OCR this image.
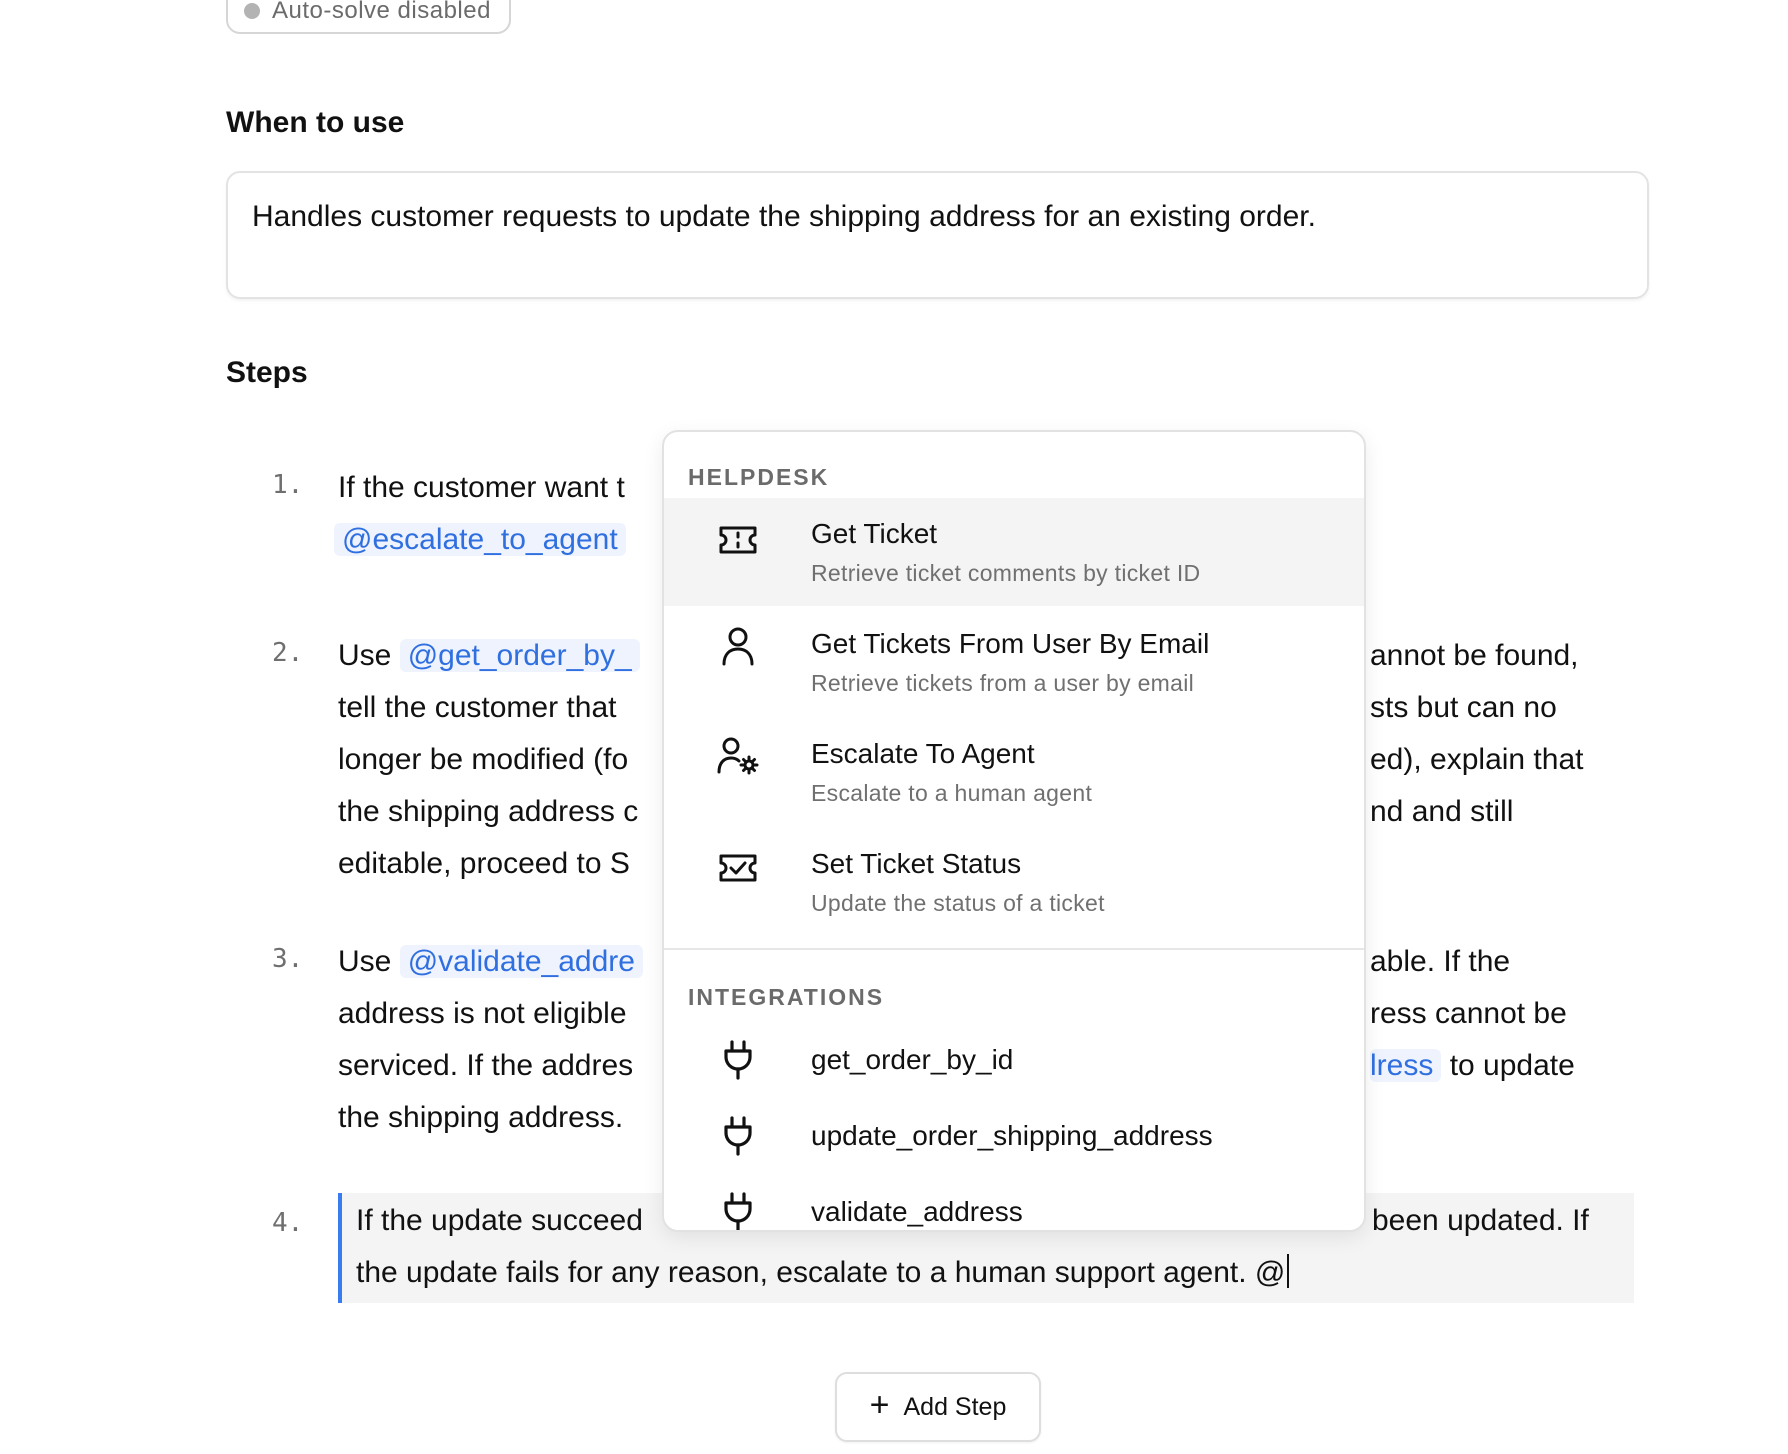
Auto-solve disabled
When to use
Handles customer requests to update the shipping address for an existing order.
Steps
1. If the customer want t
@escalate_to_agent
2. Use @get_order_by_
tell the customer that
longer be modified (fo
the shipping address c
editable, proceed to S
annot be found,
sts but can no
ed), explain that
nd and still
3. Use @validate_addre
address is not eligible
serviced. If the addres
the shipping address.
able. If the
ress cannot be
lress to update
4. If the update succeed	been updated. If
the update fails for any reason, escalate to a human support agent. @
+ Add Step
HELPDESK
Get Ticket
Retrieve ticket comments by ticket ID
Get Tickets From User By Email
Retrieve tickets from a user by email
Escalate To Agent
Escalate to a human agent
Set Ticket Status
Update the status of a ticket
INTEGRATIONS
get_order_by_id
update_order_shipping_address
validate_address
